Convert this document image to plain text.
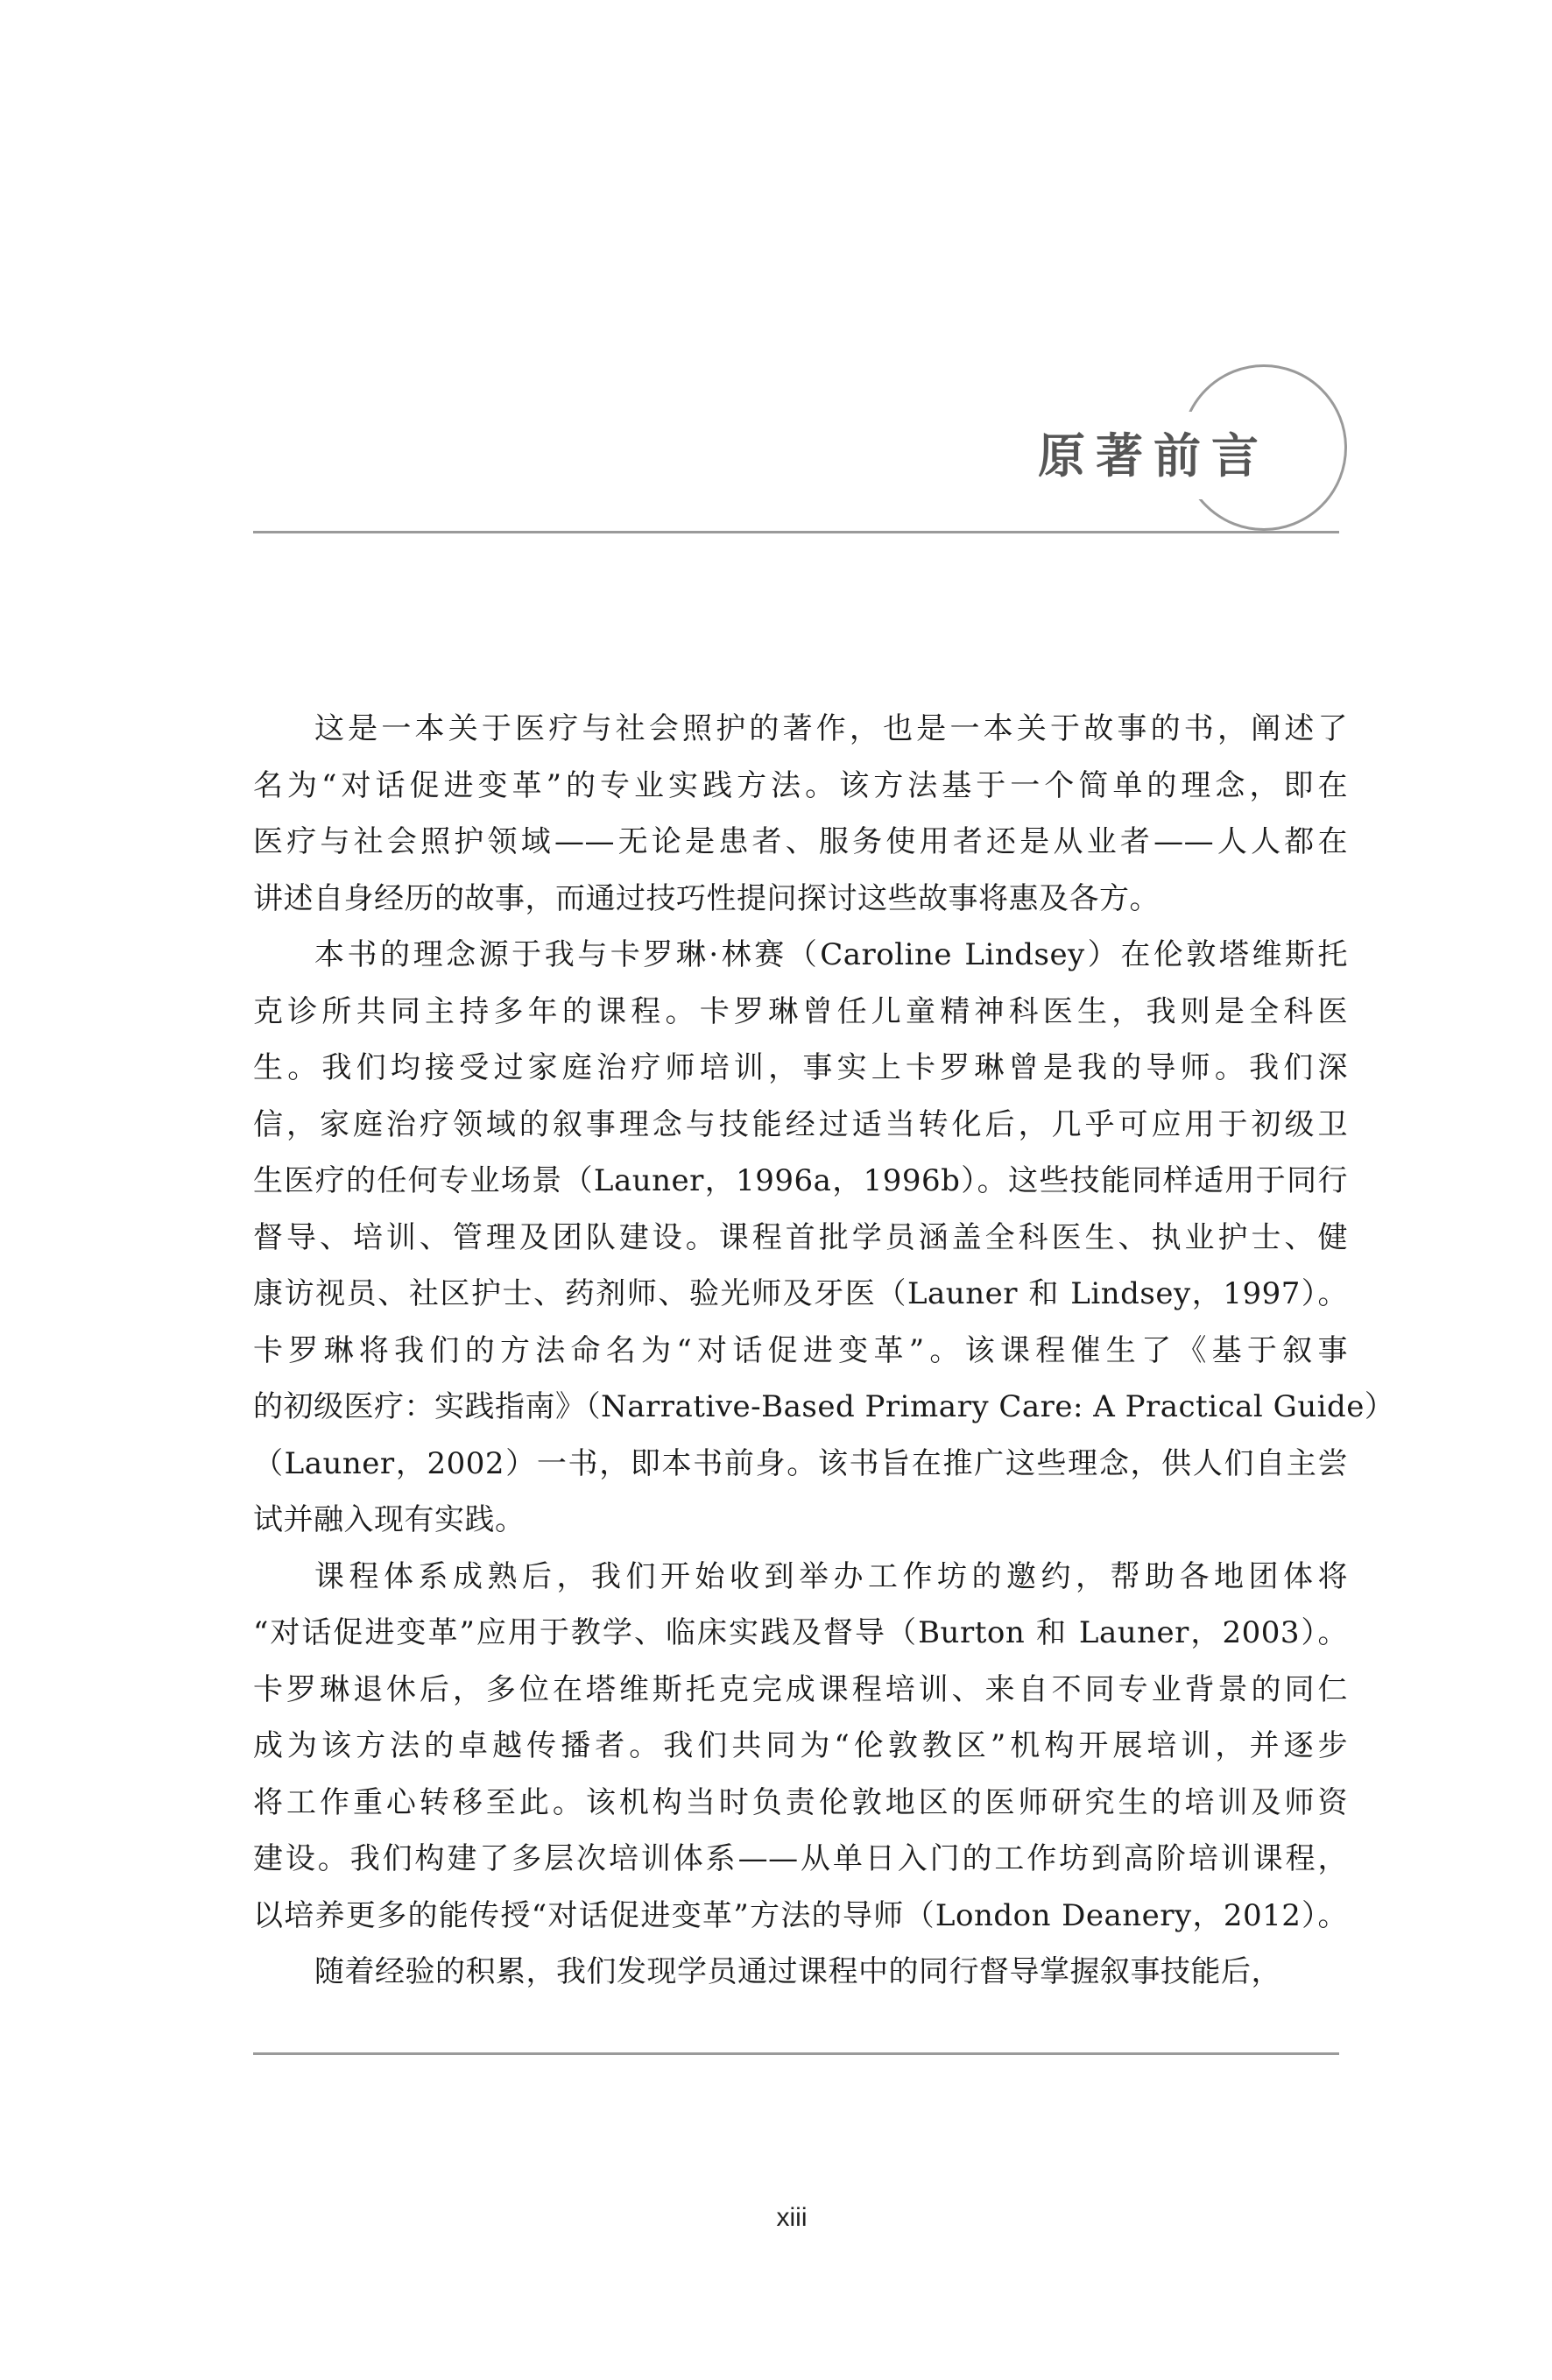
原著前言
这是一本关于医疗与社会照护的著作，也是一本关于故事的书，阐述了
名为“对话促进变革”的专业实践方法。该方法基于一个简单的理念，即在
医疗与社会照护领域——无论是患者、服务使用者还是从业者——人人都在
讲述自身经历的故事，而通过技巧性提问探讨这些故事将惠及各方。
本书的理念源于我与卡罗琳·林赛（Caroline Lindsey）在伦敦塔维斯托
克诊所共同主持多年的课程。卡罗琳曾任儿童精神科医生，我则是全科医
生。我们均接受过家庭治疗师培训，事实上卡罗琳曾是我的导师。我们深
信，家庭治疗领域的叙事理念与技能经过适当转化后，几乎可应用于初级卫
生医疗的任何专业场景（Launer，1996a，1996b）。这些技能同样适用于同行
督导、培训、管理及团队建设。课程首批学员涵盖全科医生、执业护士、健
康访视员、社区护士、药剂师、验光师及牙医（Launer 和 Lindsey，1997）。
卡罗琳将我们的方法命名为“对话促进变革”。该课程催生了《基于叙事
的初级医疗：实践指南》（Narrative-Based Primary Care: A Practical Guide）
（Launer，2002）一书，即本书前身。该书旨在推广这些理念，供人们自主尝
试并融入现有实践。
课程体系成熟后，我们开始收到举办工作坊的邀约，帮助各地团体将
“对话促进变革”应用于教学、临床实践及督导（Burton 和 Launer，2003）。
卡罗琳退休后，多位在塔维斯托克完成课程培训、来自不同专业背景的同仁
成为该方法的卓越传播者。我们共同为“伦敦教区”机构开展培训，并逐步
将工作重心转移至此。该机构当时负责伦敦地区的医师研究生的培训及师资
建设。我们构建了多层次培训体系——从单日入门的工作坊到高阶培训课程，
以培养更多的能传授“对话促进变革”方法的导师（London Deanery，2012）。
随着经验的积累，我们发现学员通过课程中的同行督导掌握叙事技能后，
xiii
